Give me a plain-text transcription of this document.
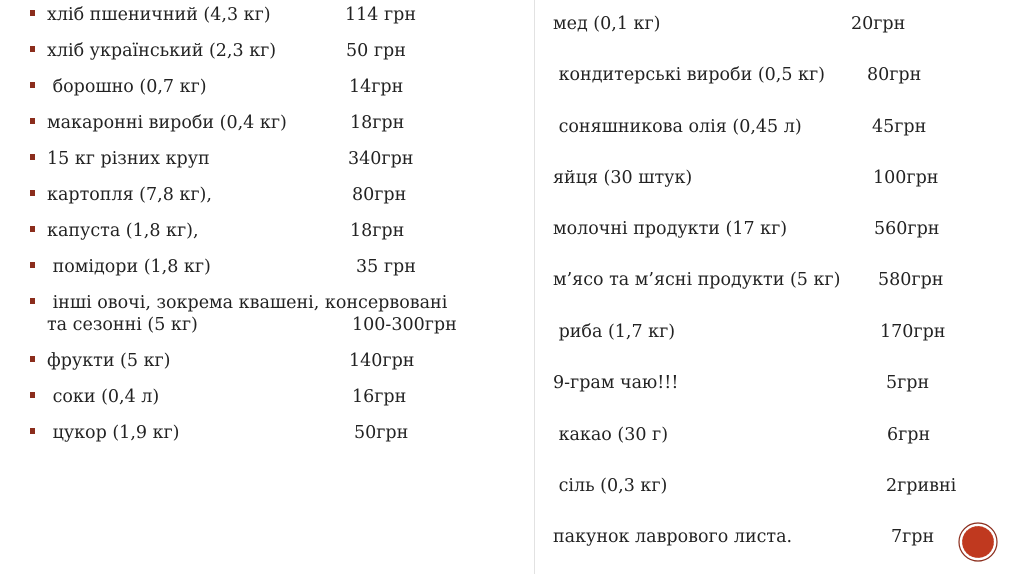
хліб пшеничний (4,3 кг)	114 грн
хліб український (2,3 кг)	50 грн
борошно (0,7 кг)	14грн
макаронні вироби (0,4 кг)	18грн
15 кг різних круп	340грн
картопля (7,8 кг),	80грн
капуста (1,8 кг),	18грн
помідори (1,8 кг)	35 грн
інші овочі, зокрема квашені, консервовані
та сезонні (5 кг)	100-300грн
фрукти (5 кг)	140грн
соки (0,4 л)	16грн
цукор (1,9 кг)	50грн
мед (0,1 кг)	20грн
кондитерські вироби (0,5 кг) 80грн
соняшникова олія (0,45 л)	45грн
яйця (30 штук)	100грн
молочні продукти (17 кг)	560грн
м’ясо та м’ясні продукти (5 кг) 580грн
риба (1,7 кг)	170грн
9-грам чаю!!!	5грн
какао (30 г)	6грн
сіль (0,3 кг)	2гривні
пакунок лаврового листа.	7грн
